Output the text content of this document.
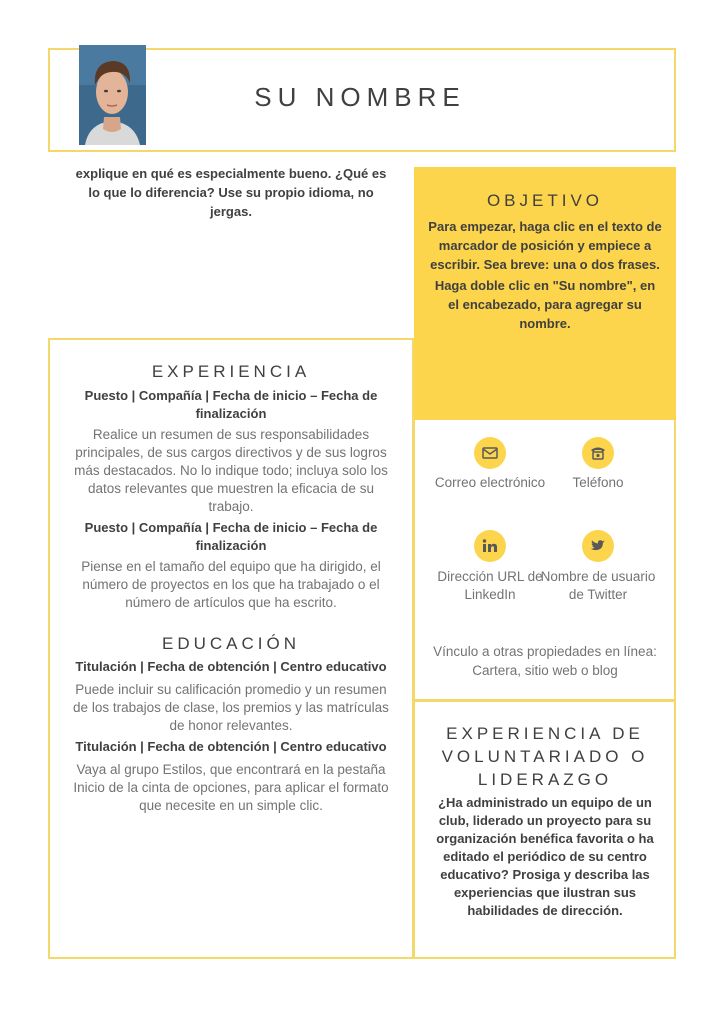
SU NOMBRE
explique en qué es especialmente bueno. ¿Qué es lo que lo diferencia? Use su propio idioma, no jergas.
OBJETIVO

Para empezar, haga clic en el texto de marcador de posición y empiece a escribir. Sea breve: una o dos frases.

Haga doble clic en "Su nombre", en el encabezado, para agregar su nombre.

EXPERIENCIA
Puesto | Compañía | Fecha de inicio – Fecha de finalización
Realice un resumen de sus responsabilidades principales, de sus cargos directivos y de sus logros más destacados. No lo indique todo; incluya solo los datos relevantes que muestren la eficacia de su trabajo.
Puesto | Compañía | Fecha de inicio – Fecha de finalización
Piense en el tamaño del equipo que ha dirigido, el número de proyectos en los que ha trabajado o el número de artículos que ha escrito.
EDUCACIÓN
Titulación | Fecha de obtención | Centro educativo
Puede incluir su calificación promedio y un resumen de los trabajos de clase, los premios y las matrículas de honor relevantes.
Titulación | Fecha de obtención | Centro educativo
Vaya al grupo Estilos, que encontrará en la pestaña Inicio de la cinta de opciones, para aplicar el formato que necesite en un simple clic.
Correo electrónico	Teléfono
Dirección URL de LinkedIn
Nombre de usuario de Twitter
Vínculo a otras propiedades en línea: Cartera, sitio web o blog
EXPERIENCIA DE VOLUNTARIADO O LIDERAZGO
¿Ha administrado un equipo de un club, liderado un proyecto para su organización benéfica favorita o ha editado el periódico de su centro educativo? Prosiga y describa las experiencias que ilustran sus habilidades de dirección.
